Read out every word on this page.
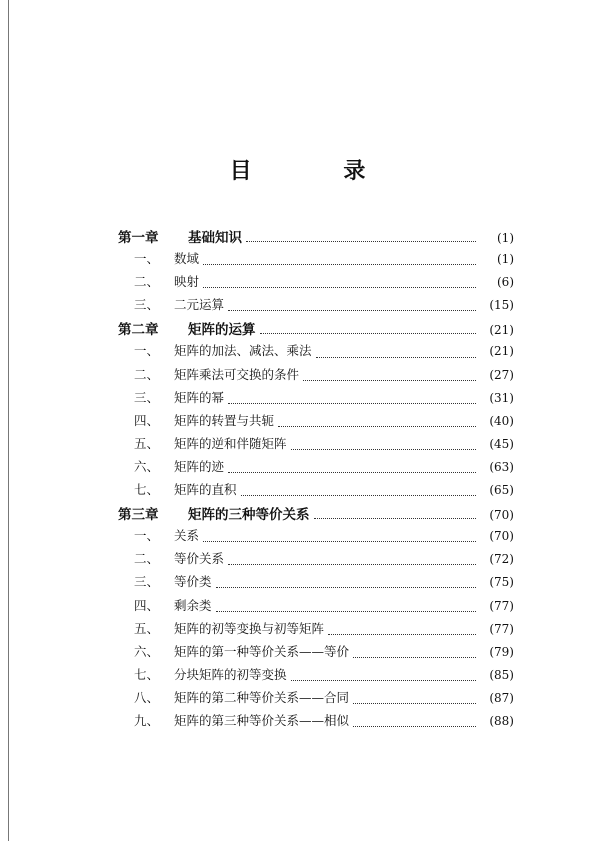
目 录
第一章	基础知识	(1)
一、	数域	(1)
二、	映射	(6)
三、	二元运算	(15)
第二章	矩阵的运算	(21)
一、	矩阵的加法、减法、乘法	(21)
二、	矩阵乘法可交换的条件	(27)
三、	矩阵的幂	(31)
四、	矩阵的转置与共轭	(40)
五、	矩阵的逆和伴随矩阵	(45)
六、	矩阵的迹	(63)
七、	矩阵的直积	(65)
第三章	矩阵的三种等价关系	(70)
一、	关系	(70)
二、	等价关系	(72)
三、	等价类	(75)
四、	剩余类	(77)
五、	矩阵的初等变换与初等矩阵	(77)
六、	矩阵的第一种等价关系——等价	(79)
七、	分块矩阵的初等变换	(85)
八、	矩阵的第二种等价关系——合同	(87)
九、	矩阵的第三种等价关系——相似	(88)
